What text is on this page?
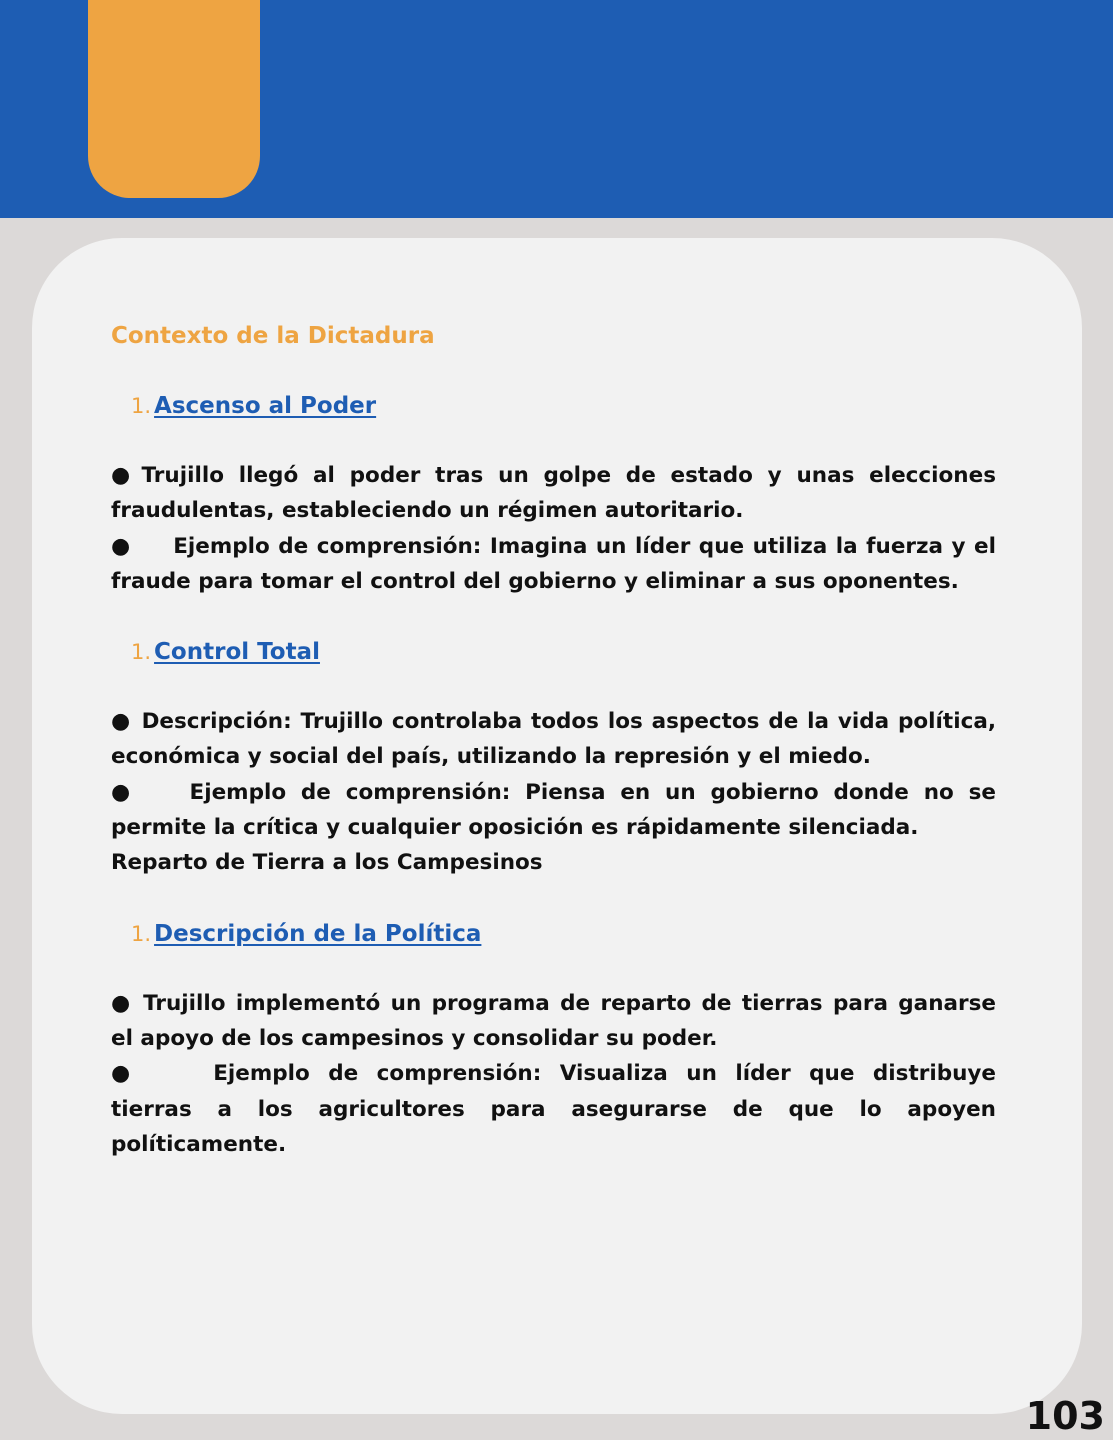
Contexto de la Dictadura
1. Ascenso al Poder

● Trujillo llegó al poder tras un golpe de estado y unas elecciones fraudulentas, estableciendo un régimen autoritario.

● Ejemplo de comprensión: Imagina un líder que utiliza la fuerza y el fraude para tomar el control del gobierno y eliminar a sus oponentes.

1. Control Total

● Descripción: Trujillo controlaba todos los aspectos de la vida política, económica y social del país, utilizando la represión y el miedo.

● Ejemplo de comprensión: Piensa en un gobierno donde no se permite la crítica y cualquier oposición es rápidamente silenciada.

Reparto de Tierra a los Campesinos

1. Descripción de la Política

● Trujillo implementó un programa de reparto de tierras para ganarse el apoyo de los campesinos y consolidar su poder.

●	Ejemplo de comprensión: Visualiza un líder que distribuye tierras a los agricultores para asegurarse de que lo apoyen políticamente.

103
